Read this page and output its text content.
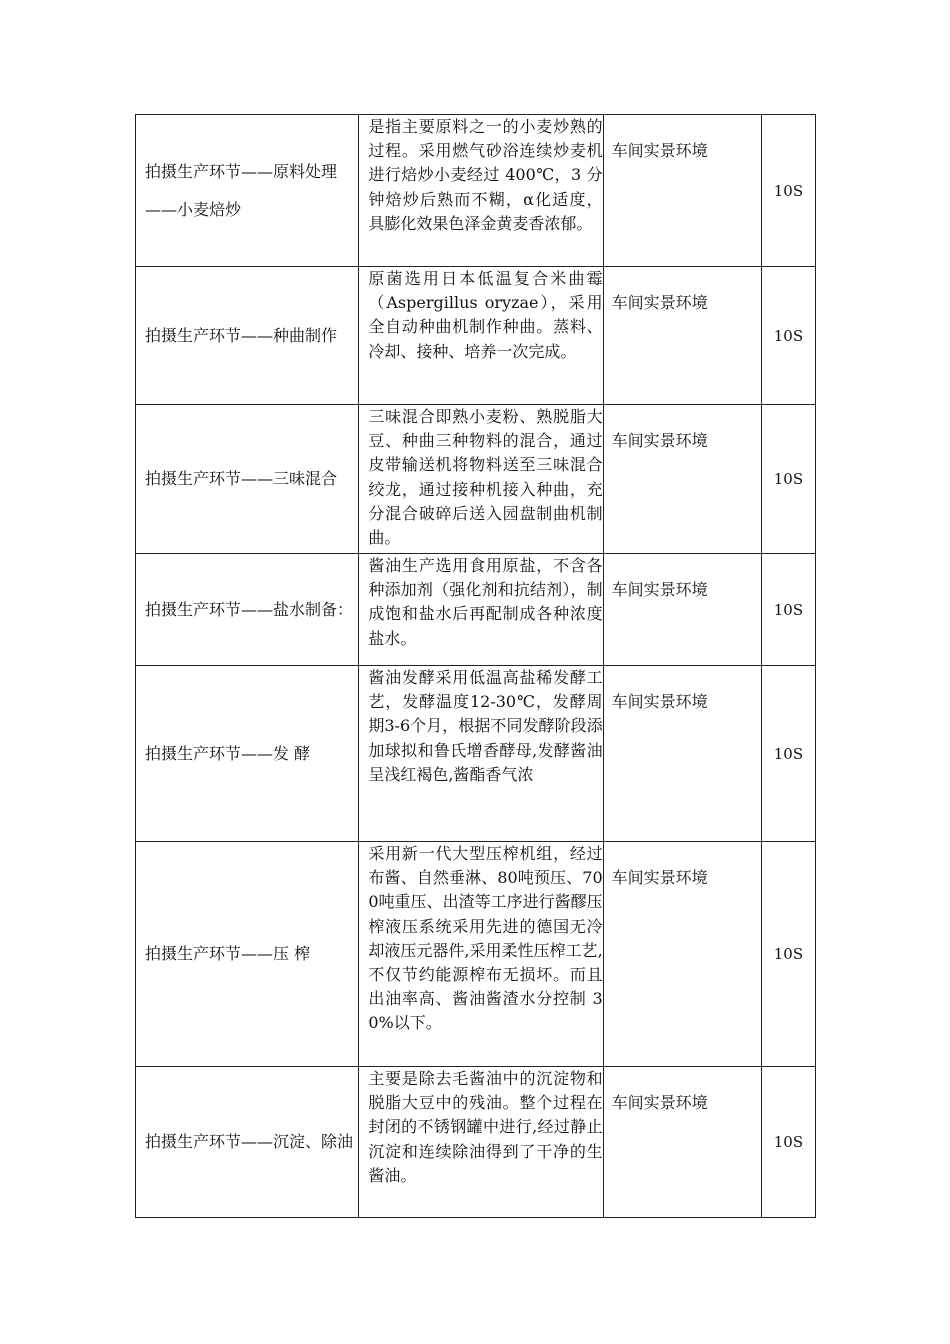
拍摄生产环节——原料处理——小麦焙炒	是指主要原料之一的小麦炒熟的过程。采用燃气砂浴连续炒麦机进行焙炒小麦经过 400℃，3 分钟焙炒后熟而不糊，α化适度，具膨化效果色泽金黄麦香浓郁。	车间实景环境	10S
拍摄生产环节——种曲制作	原菌选用日本低温复合米曲霉（Aspergillus oryzae），采用全自动种曲机制作种曲。蒸料、冷却、接种、培养一次完成。	车间实景环境	10S
拍摄生产环节——三味混合	三味混合即熟小麦粉、熟脱脂大豆、种曲三种物料的混合，通过皮带输送机将物料送至三味混合绞龙，通过接种机接入种曲，充分混合破碎后送入园盘制曲机制曲。	车间实景环境	10S
拍摄生产环节——盐水制备：	酱油生产选用食用原盐，不含各种添加剂（强化剂和抗结剂），制成饱和盐水后再配制成各种浓度盐水。	车间实景环境	10S
拍摄生产环节——发 酵	酱油发酵采用低温高盐稀发酵工艺，发酵温度12-30℃，发酵周期3-6个月，根据不同发酵阶段添加球拟和鲁氏增香酵母,发酵酱油呈浅红褐色,酱酯香气浓	车间实景环境	10S
拍摄生产环节——压 榨	采用新一代大型压榨机组，经过布酱、自然垂淋、80吨预压、700吨重压、出渣等工序进行酱醪压榨液压系统采用先进的德国无冷却液压元器件,采用柔性压榨工艺,不仅节约能源榨布无损坏。而且出油率高、酱油酱渣水分控制 30%以下。	车间实景环境	10S
拍摄生产环节——沉淀、除油	主要是除去毛酱油中的沉淀物和脱脂大豆中的残油。整个过程在封闭的不锈钢罐中进行,经过静止沉淀和连续除油得到了干净的生酱油。	车间实景环境	10S
